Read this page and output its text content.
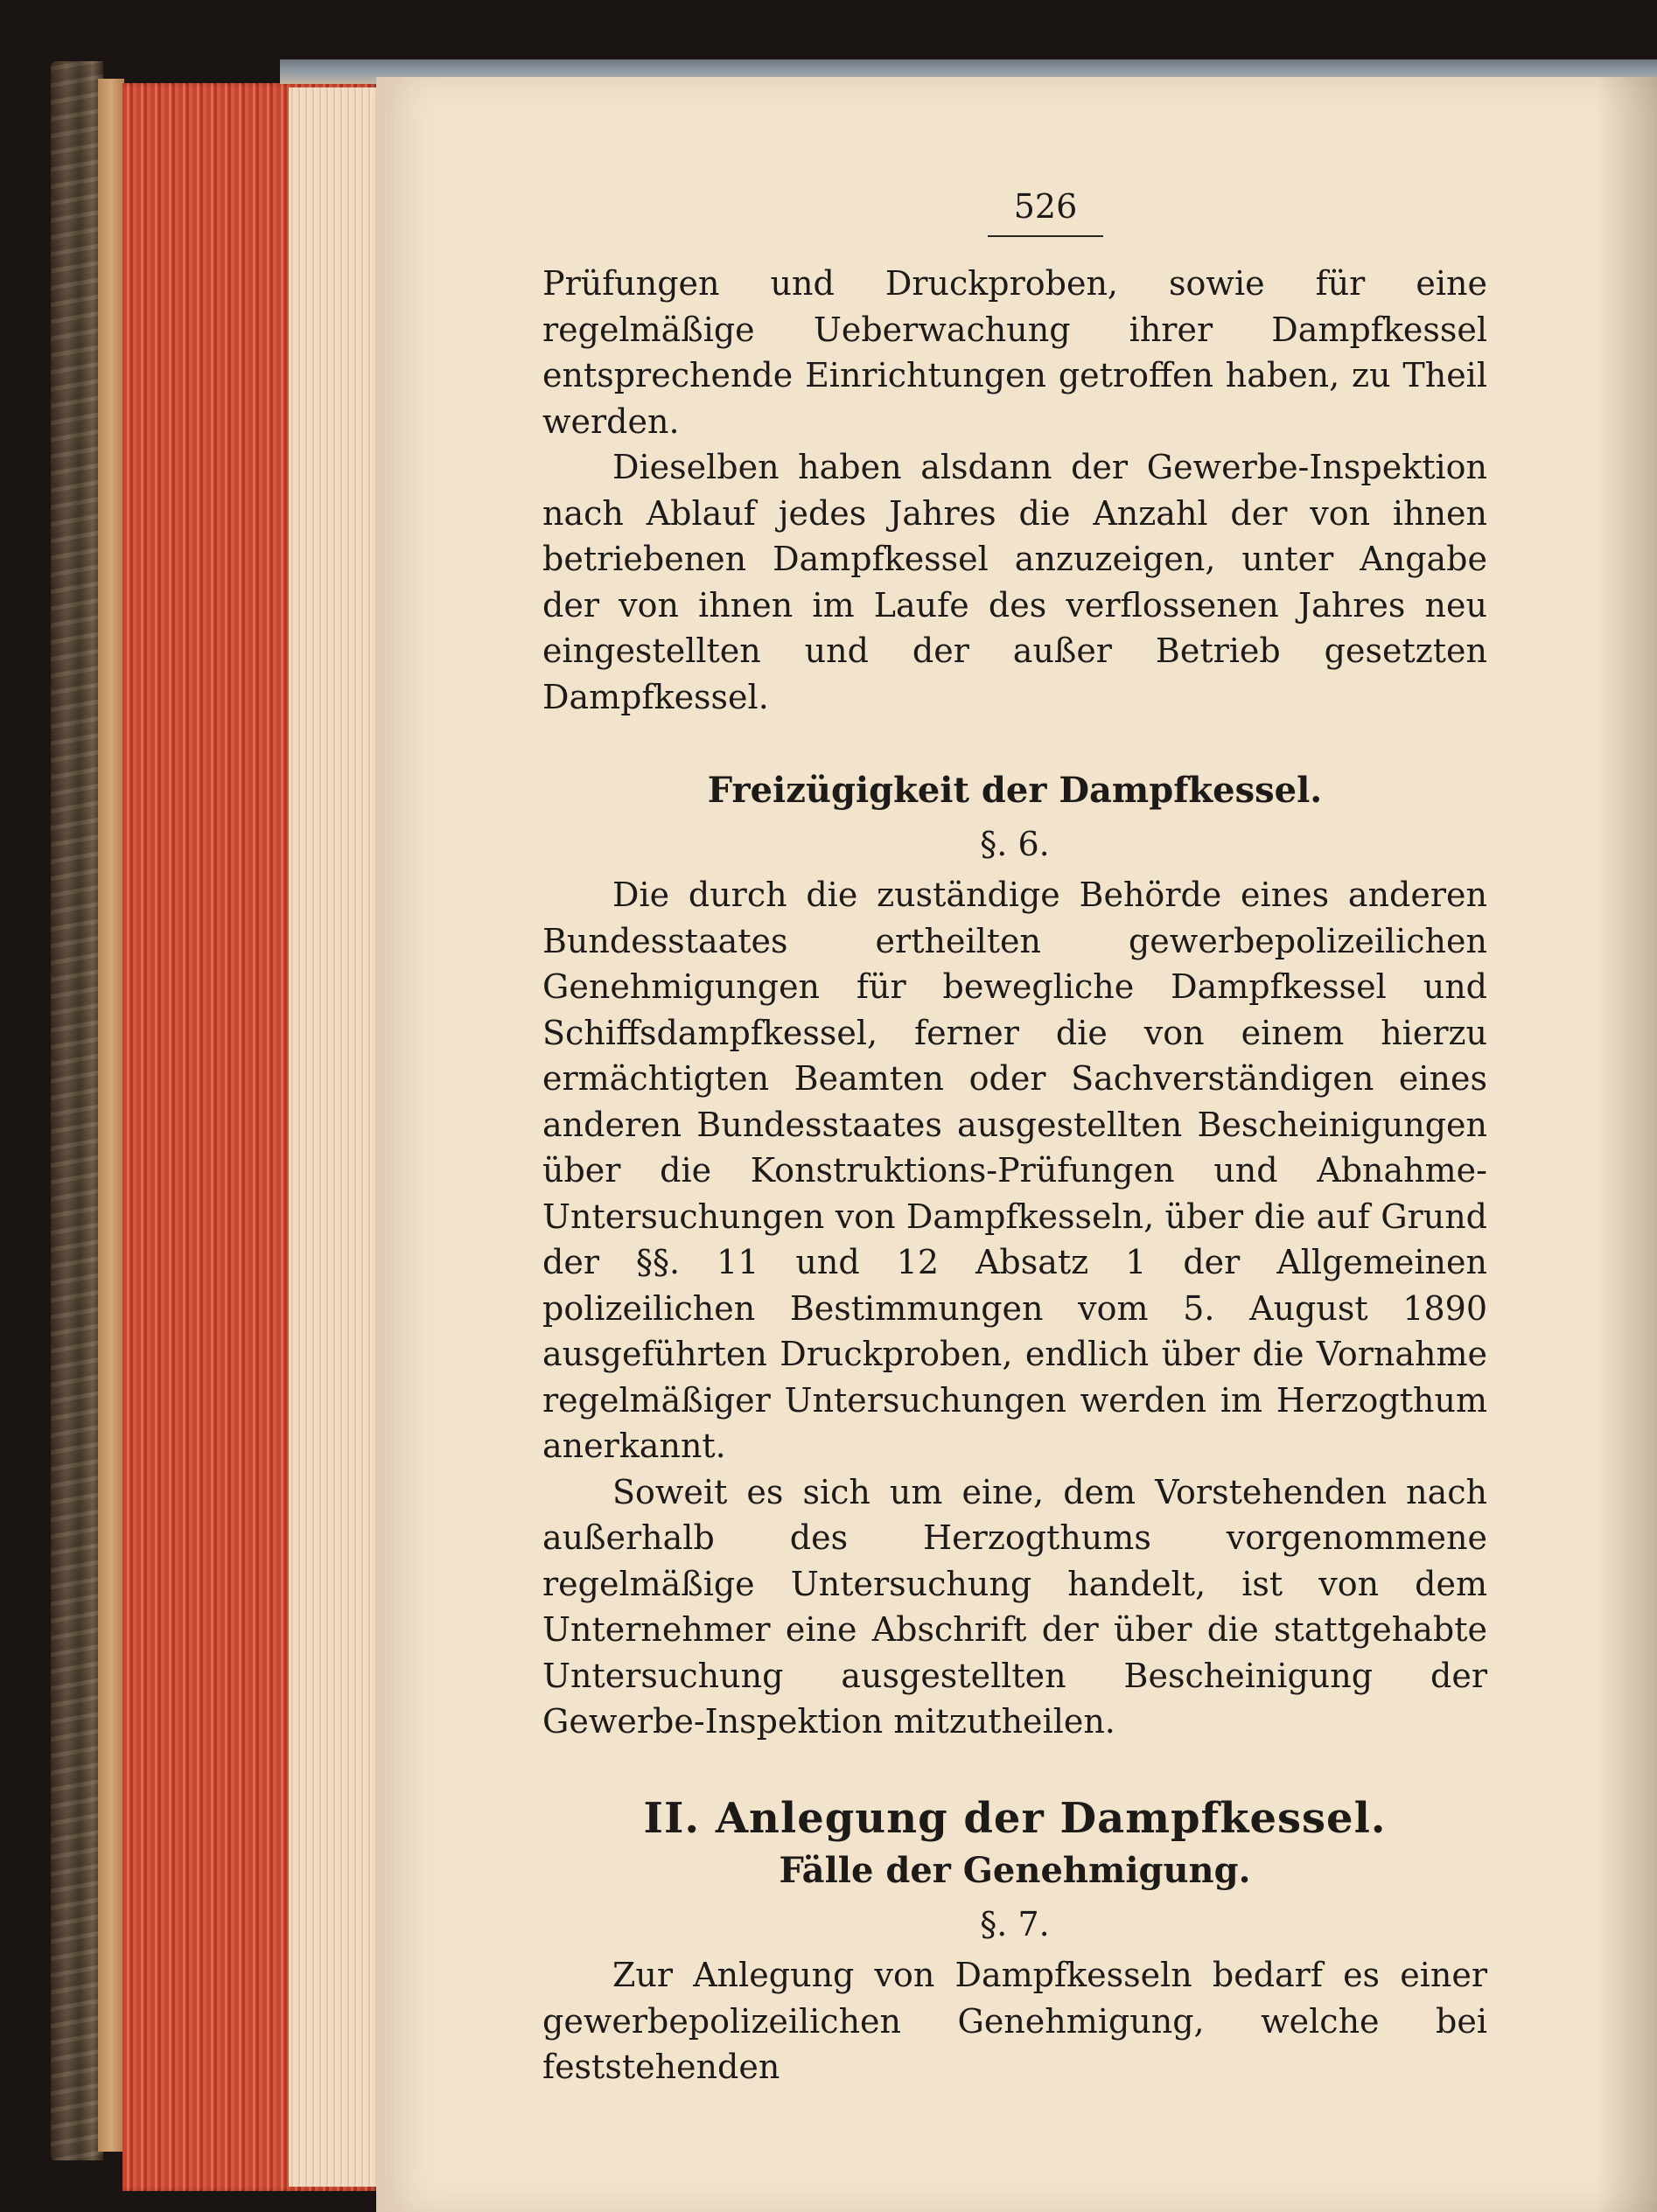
526

Prüfungen und Druckproben, sowie für eine regelmäßige Ueberwachung ihrer Dampfkessel entsprechende Einrichtungen getroffen haben, zu Theil werden.

Dieselben haben alsdann der Gewerbe-Inspektion nach Ablauf jedes Jahres die Anzahl der von ihnen betriebenen Dampfkessel anzuzeigen, unter Angabe der von ihnen im Laufe des verflossenen Jahres neu eingestellten und der außer Betrieb gesetzten Dampfkessel.

Freizügigkeit der Dampfkessel.
§. 6.

Die durch die zuständige Behörde eines anderen Bundesstaates ertheilten gewerbepolizeilichen Genehmigungen für bewegliche Dampfkessel und Schiffsdampfkessel, ferner die von einem hierzu ermächtigten Beamten oder Sachverständigen eines anderen Bundesstaates ausgestellten Bescheinigungen über die Konstruktions-Prüfungen und Abnahme-Untersuchungen von Dampfkesseln, über die auf Grund der §§. 11 und 12 Absatz 1 der Allgemeinen polizeilichen Bestimmungen vom 5. August 1890 ausgeführten Druckproben, endlich über die Vornahme regelmäßiger Untersuchungen werden im Herzogthum anerkannt.

Soweit es sich um eine, dem Vorstehenden nach außerhalb des Herzogthums vorgenommene regelmäßige Untersuchung handelt, ist von dem Unternehmer eine Abschrift der über die stattgehabte Untersuchung ausgestellten Bescheinigung der Gewerbe-Inspektion mitzutheilen.

II. Anlegung der Dampfkessel.
Fälle der Genehmigung.
§. 7.

Zur Anlegung von Dampfkesseln bedarf es einer gewerbepolizeilichen Genehmigung, welche bei feststehenden
